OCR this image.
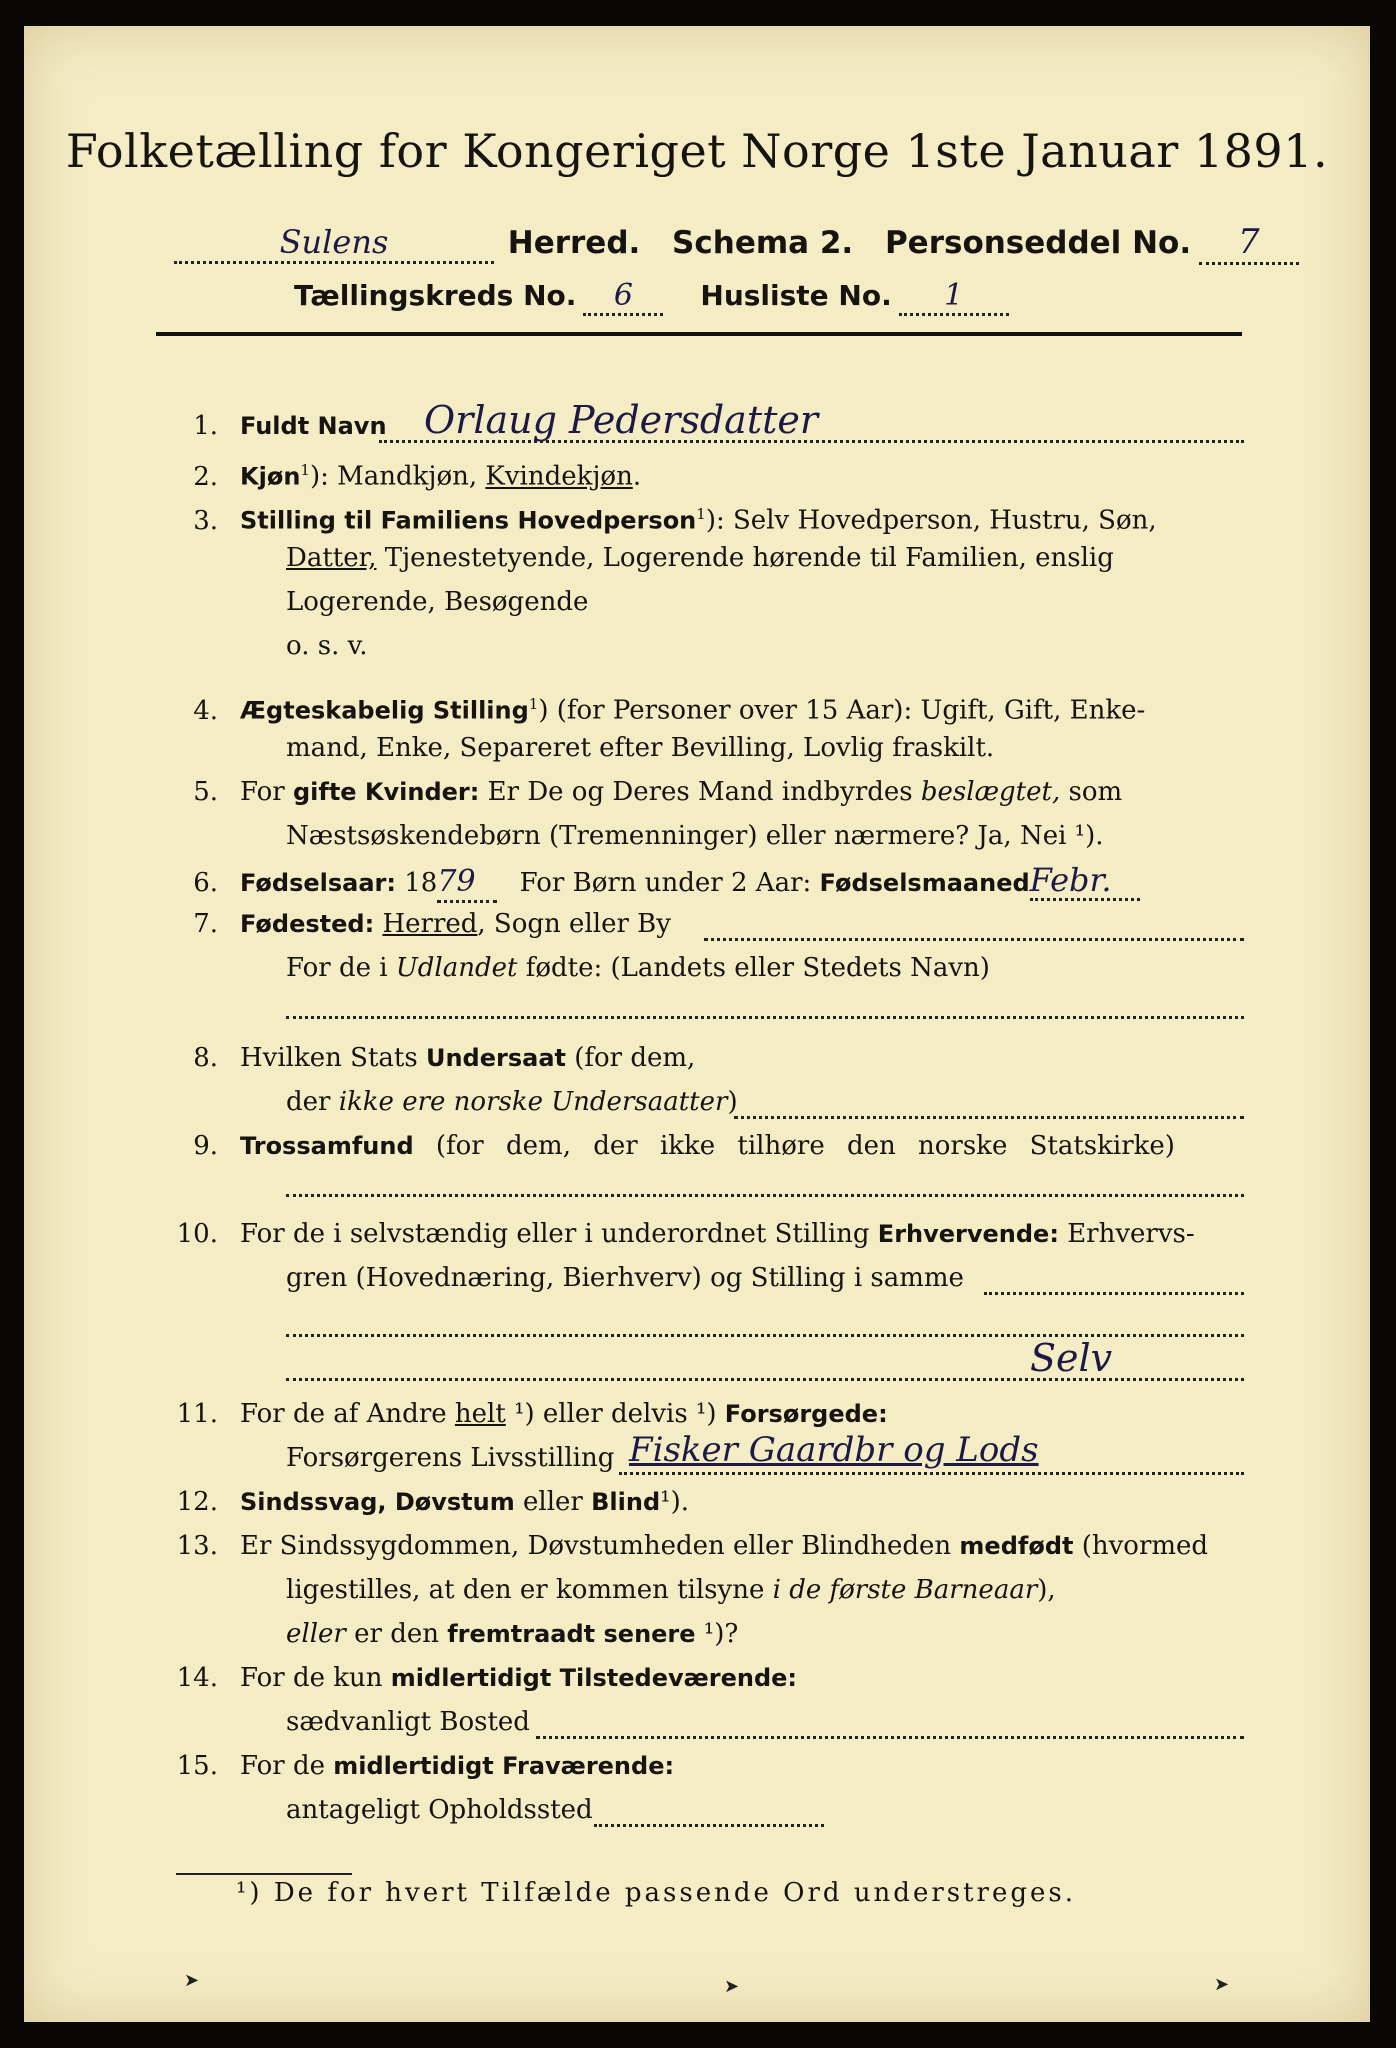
Folketælling for Kongeriget Norge 1ste Januar 1891.
Sulens	Herred. Schema 2. Personseddel No. 7
Tællingskreds No. 6 Husliste No. 1
1. Fuldt Navn Orlaug Pedersdatter
2. Kjøn$^1$): Mandkjøn, Kvindekjøn.
3. Stilling til Familiens Hovedperson$^1$): Selv Hovedperson, Hustru, Søn,
Datter, Tjenestetyende, Logerende hørende til Familien, enslig
Logerende, Besøgende
o. s. v.
4. Ægteskabelig Stilling$^1$) (for Personer over 15 Aar): Ugift, Gift, Enke-
mand, Enke, Separeret efter Bevilling, Lovlig fraskilt.
5. For gifte Kvinder: Er De og Deres Mand indbyrdes beslægtet, som
Næstsøskendebørn (Tremenninger) eller nærmere? Ja, Nei ¹).
6. Fødselsaar: 1879 For Børn under 2 Aar: FødselsmaanedFebr.
7. Fødested: Herred, Sogn eller By
For de i Udlandet fødte: (Landets eller Stedets Navn)
8. Hvilken Stats Undersaat (for dem,
der ikke ere norske Undersaatter)
9. Trossamfund (for dem, der ikke tilhøre den norske Statskirke)
10. For de i selvstændig eller i underordnet Stilling Erhvervende: Erhvervs-
gren (Hovednæring, Bierhverv) og Stilling i samme
Selv
11. For de af Andre helt ¹) eller delvis ¹) Forsørgede:
Forsørgerens Livsstilling Fisker Gaardbr og Lods
12. Sindssvag, Døvstum eller Blind¹).
13. Er Sindssygdommen, Døvstumheden eller Blindheden medfødt (hvormed
ligestilles, at den er kommen tilsyne i de første Barneaar),
eller er den fremtraadt senere ¹)?
14. For de kun midlertidigt Tilstedeværende:
sædvanligt Bosted
15. For de midlertidigt Fraværende:
antageligt Opholdssted
¹) De for hvert Tilfælde passende Ord understreges.
➤	➤	➤
